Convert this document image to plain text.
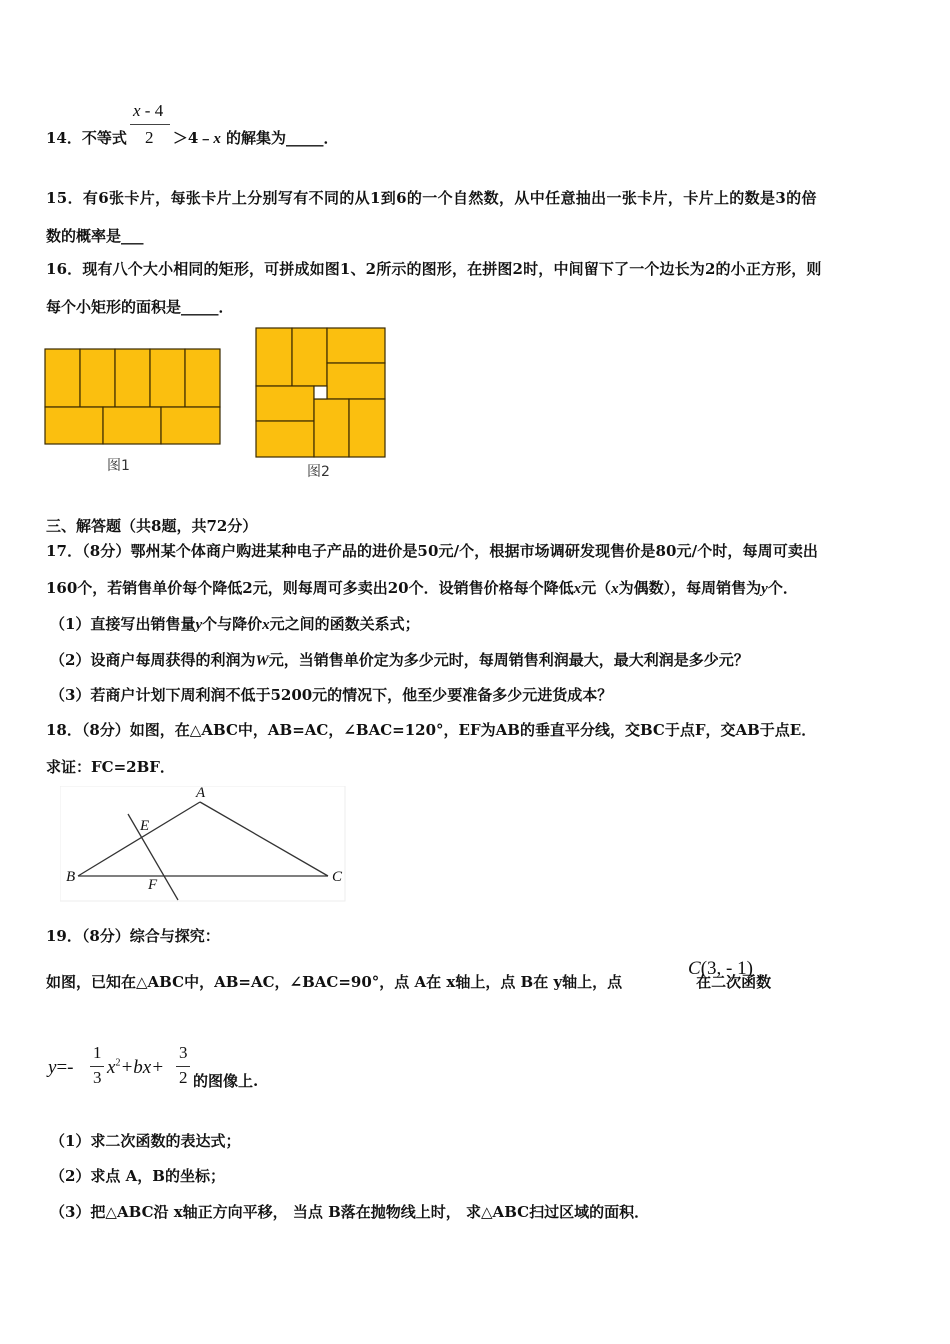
x - 4
2
14．不等式	＞4﹣x 的解集为_____．
15．有6张卡片，每张卡片上分别写有不同的从1到6的一个自然数，从中任意抽出一张卡片，卡片上的数是3的倍
数的概率是___
16．现有八个大小相同的矩形，可拼成如图1、2所示的图形，在拼图2时，中间留下了一个边长为2的小正方形，则
每个小矩形的面积是_____．
图1	图2
三、解答题（共8题，共72分）
17．（8分）鄂州某个体商户购进某种电子产品的进价是50元/个，根据市场调研发现售价是80元/个时，每周可卖出
160个，若销售单价每个降低2元，则每周可多卖出20个．设销售价格每个降低x元（x为偶数），每周销售为y个．
（1）直接写出销售量y个与降价x元之间的函数关系式；
（2）设商户每周获得的利润为W元，当销售单价定为多少元时，每周销售利润最大，最大利润是多少元？
（3）若商户计划下周利润不低于5200元的情况下，他至少要准备多少元进货成本？
18．（8分）如图，在△ABC中，AB=AC，∠BAC=120°，EF为AB的垂直平分线，交BC于点F，交AB于点E．
求证：FC=2BF．
A
B	C
E
F
19．（8分）综合与探究：
如图，已知在△ABC中，AB=AC，∠BAC=90°，点 A在 x轴上，点 B在 y轴上，点	在二次函数
C(3, - 1)
y=-
1
3 $x^2+bx+$
3
2 的图像上.
（1）求二次函数的表达式；
（2）求点 A，B的坐标；
（3）把△ABC沿 x轴正方向平移， 当点 B落在抛物线上时， 求△ABC扫过区域的面积．
